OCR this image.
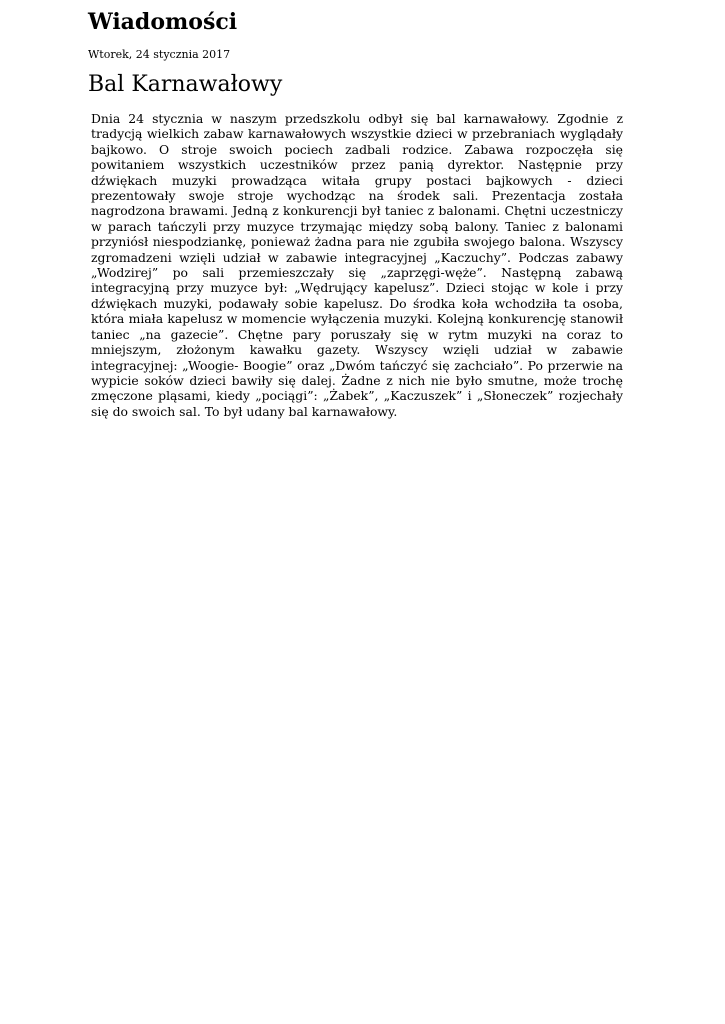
Wiadomości

Wtorek, 24 stycznia 2017

Bal Karnawałowy

Dnia 24 stycznia w naszym przedszkolu odbył się bal karnawałowy. Zgodnie z tradycją wielkich zabaw karnawałowych wszystkie dzieci w przebraniach wyglądały bajkowo. O stroje swoich pociech zadbali rodzice. Zabawa rozpoczęła się powitaniem wszystkich uczestników przez panią dyrektor. Następnie przy dźwiękach muzyki prowadząca witała grupy postaci bajkowych - dzieci prezentowały swoje stroje wychodząc na środek sali. Prezentacja została nagrodzona brawami. Jedną z konkurencji był taniec z balonami. Chętni uczestniczy w parach tańczyli przy muzyce trzymając między sobą balony. Taniec z balonami przyniósł niespodziankę, ponieważ żadna para nie zgubiła swojego balona. Wszyscy zgromadzeni wzięli udział w zabawie integracyjnej „Kaczuchy”. Podczas zabawy „Wodzirej” po sali przemieszczały się „zaprzęgi-węże”. Następną zabawą integracyjną przy muzyce był: „Wędrujący kapelusz”. Dzieci stojąc w kole i przy dźwiękach muzyki, podawały sobie kapelusz. Do środka koła wchodziła ta osoba, która miała kapelusz w momencie wyłączenia muzyki. Kolejną konkurencję stanowił taniec „na gazecie”. Chętne pary poruszały się w rytm muzyki na coraz to mniejszym, złożonym kawałku gazety. Wszyscy wzięli udział w zabawie integracyjnej: „Woogie- Boogie” oraz „Dwóm tańczyć się zachciało”. Po przerwie na wypicie soków dzieci bawiły się dalej. Żadne z nich nie było smutne, może trochę zmęczone pląsami, kiedy „pociągi”: „Żabek”, „Kaczuszek” i „Słoneczek” rozjechały się do swoich sal. To był udany bal karnawałowy.
